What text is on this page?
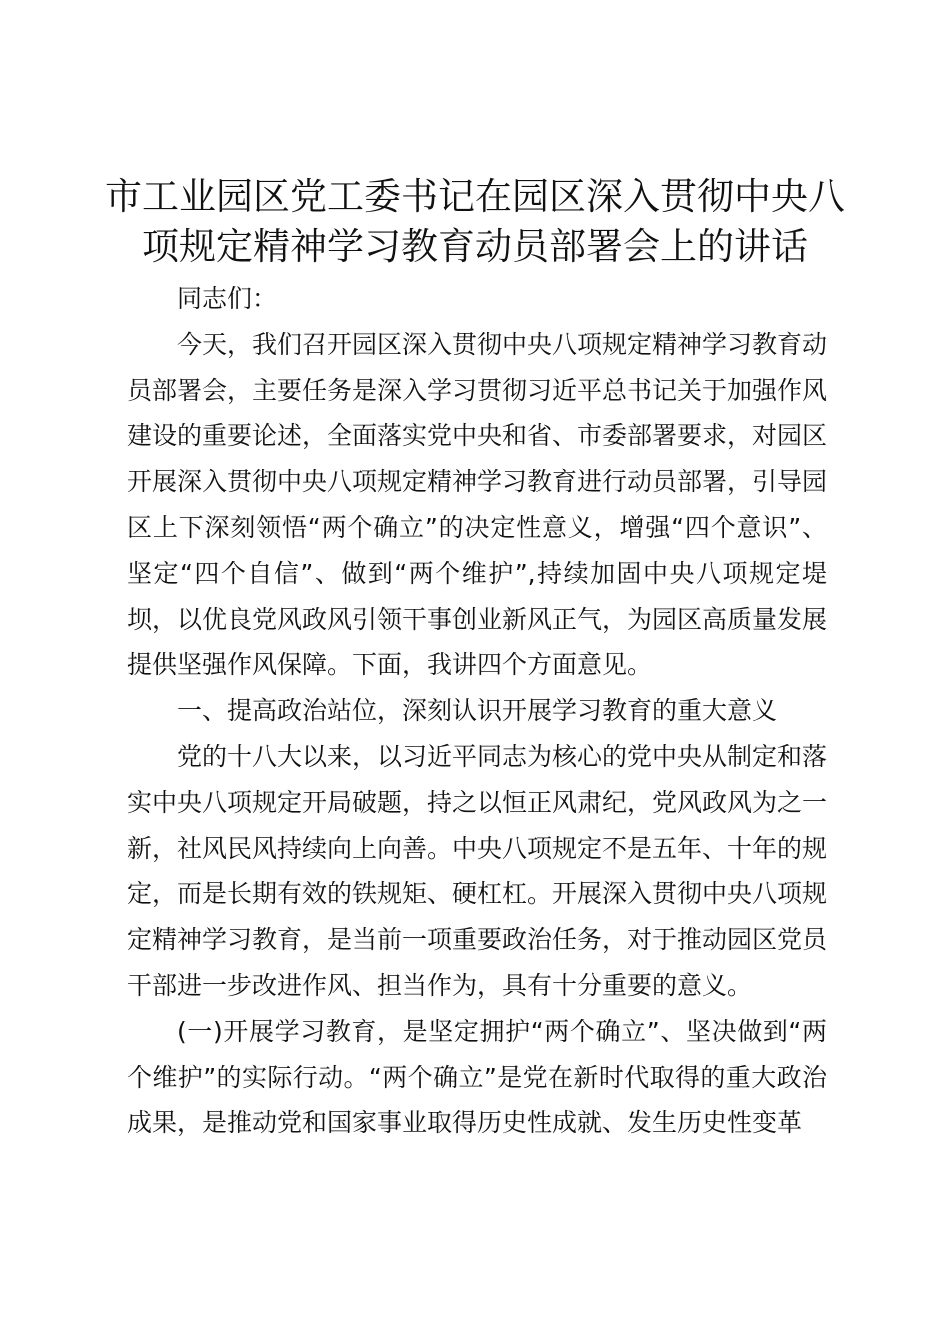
市工业园区党工委书记在园区深入贯彻中央八
项规定精神学习教育动员部署会上的讲话

同志们：

今天，我们召开园区深入贯彻中央八项规定精神学习教育动员部署会，主要任务是深入学习贯彻习近平总书记关于加强作风建设的重要论述，全面落实党中央和省、市委部署要求，对园区开展深入贯彻中央八项规定精神学习教育进行动员部署，引导园区上下深刻领悟“两个确立”的决定性意义，增强“四个意识”、坚定“四个自信”、做到“两个维护”,持续加固中央八项规定堤坝，以优良党风政风引领干事创业新风正气，为园区高质量发展提供坚强作风保障。下面，我讲四个方面意见。

一、提高政治站位，深刻认识开展学习教育的重大意义

党的十八大以来，以习近平同志为核心的党中央从制定和落实中央八项规定开局破题，持之以恒正风肃纪，党风政风为之一新，社风民风持续向上向善。中央八项规定不是五年、十年的规定，而是长期有效的铁规矩、硬杠杠。开展深入贯彻中央八项规定精神学习教育，是当前一项重要政治任务，对于推动园区党员干部进一步改进作风、担当作为，具有十分重要的意义。

(一)开展学习教育，是坚定拥护“两个确立”、坚决做到“两个维护”的实际行动。“两个确立”是党在新时代取得的重大政治成果，是推动党和国家事业取得历史性成就、发生历史性变革
